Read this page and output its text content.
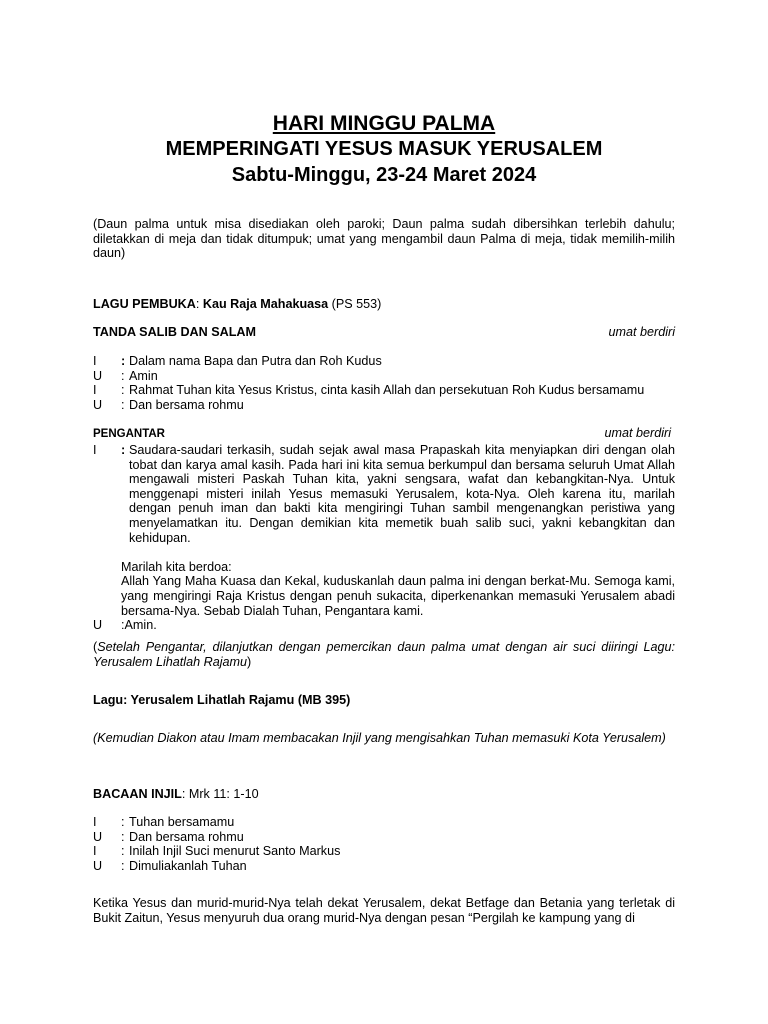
HARI MINGGU PALMA
MEMPERINGATI YESUS MASUK YERUSALEM
Sabtu-Minggu, 23-24 Maret 2024
(Daun palma untuk misa disediakan oleh paroki; Daun palma sudah dibersihkan terlebih dahulu; diletakkan di meja dan tidak ditumpuk; umat yang mengambil daun Palma di meja, tidak memilih-milih daun)
LAGU PEMBUKA: Kau Raja Mahakuasa (PS 553)
TANDA SALIB DAN SALAM	umat berdiri
I	: Dalam nama Bapa dan Putra dan Roh Kudus
U	: Amin
I	: Rahmat Tuhan kita Yesus Kristus, cinta kasih Allah dan persekutuan Roh Kudus bersamamu
U	: Dan bersama rohmu
PENGANTAR	umat berdiri
I	: Saudara-saudari terkasih, sudah sejak awal masa Prapaskah kita menyiapkan diri dengan olah tobat dan karya amal kasih. Pada hari ini kita semua berkumpul dan bersama seluruh Umat Allah mengawali misteri Paskah Tuhan kita, yakni sengsara, wafat dan kebangkitan-Nya. Untuk menggenapi misteri inilah Yesus memasuki Yerusalem, kota-Nya. Oleh karena itu, marilah dengan penuh iman dan bakti kita mengiringi Tuhan sambil mengenangkan peristiwa yang menyelamatkan itu. Dengan demikian kita memetik buah salib suci, yakni kebangkitan dan kehidupan.
Marilah kita berdoa:
Allah Yang Maha Kuasa dan Kekal, kuduskanlah daun palma ini dengan berkat-Mu. Semoga kami, yang mengiringi Raja Kristus dengan penuh sukacita, diperkenankan memasuki Yerusalem abadi bersama-Nya. Sebab Dialah Tuhan, Pengantara kami.
U	:Amin.
(Setelah Pengantar, dilanjutkan dengan pemercikan daun palma umat dengan air suci diiringi Lagu: Yerusalem Lihatlah Rajamu)
Lagu: Yerusalem Lihatlah Rajamu (MB 395)
(Kemudian Diakon atau Imam membacakan Injil yang mengisahkan Tuhan memasuki Kota Yerusalem)
BACAAN INJIL: Mrk 11: 1-10
I	: Tuhan bersamamu
U	: Dan bersama rohmu
I	: Inilah Injil Suci menurut Santo Markus
U	: Dimuliakanlah Tuhan
Ketika Yesus dan murid-murid-Nya telah dekat Yerusalem, dekat Betfage dan Betania yang terletak di Bukit Zaitun, Yesus menyuruh dua orang murid-Nya dengan pesan “Pergilah ke kampung yang di
